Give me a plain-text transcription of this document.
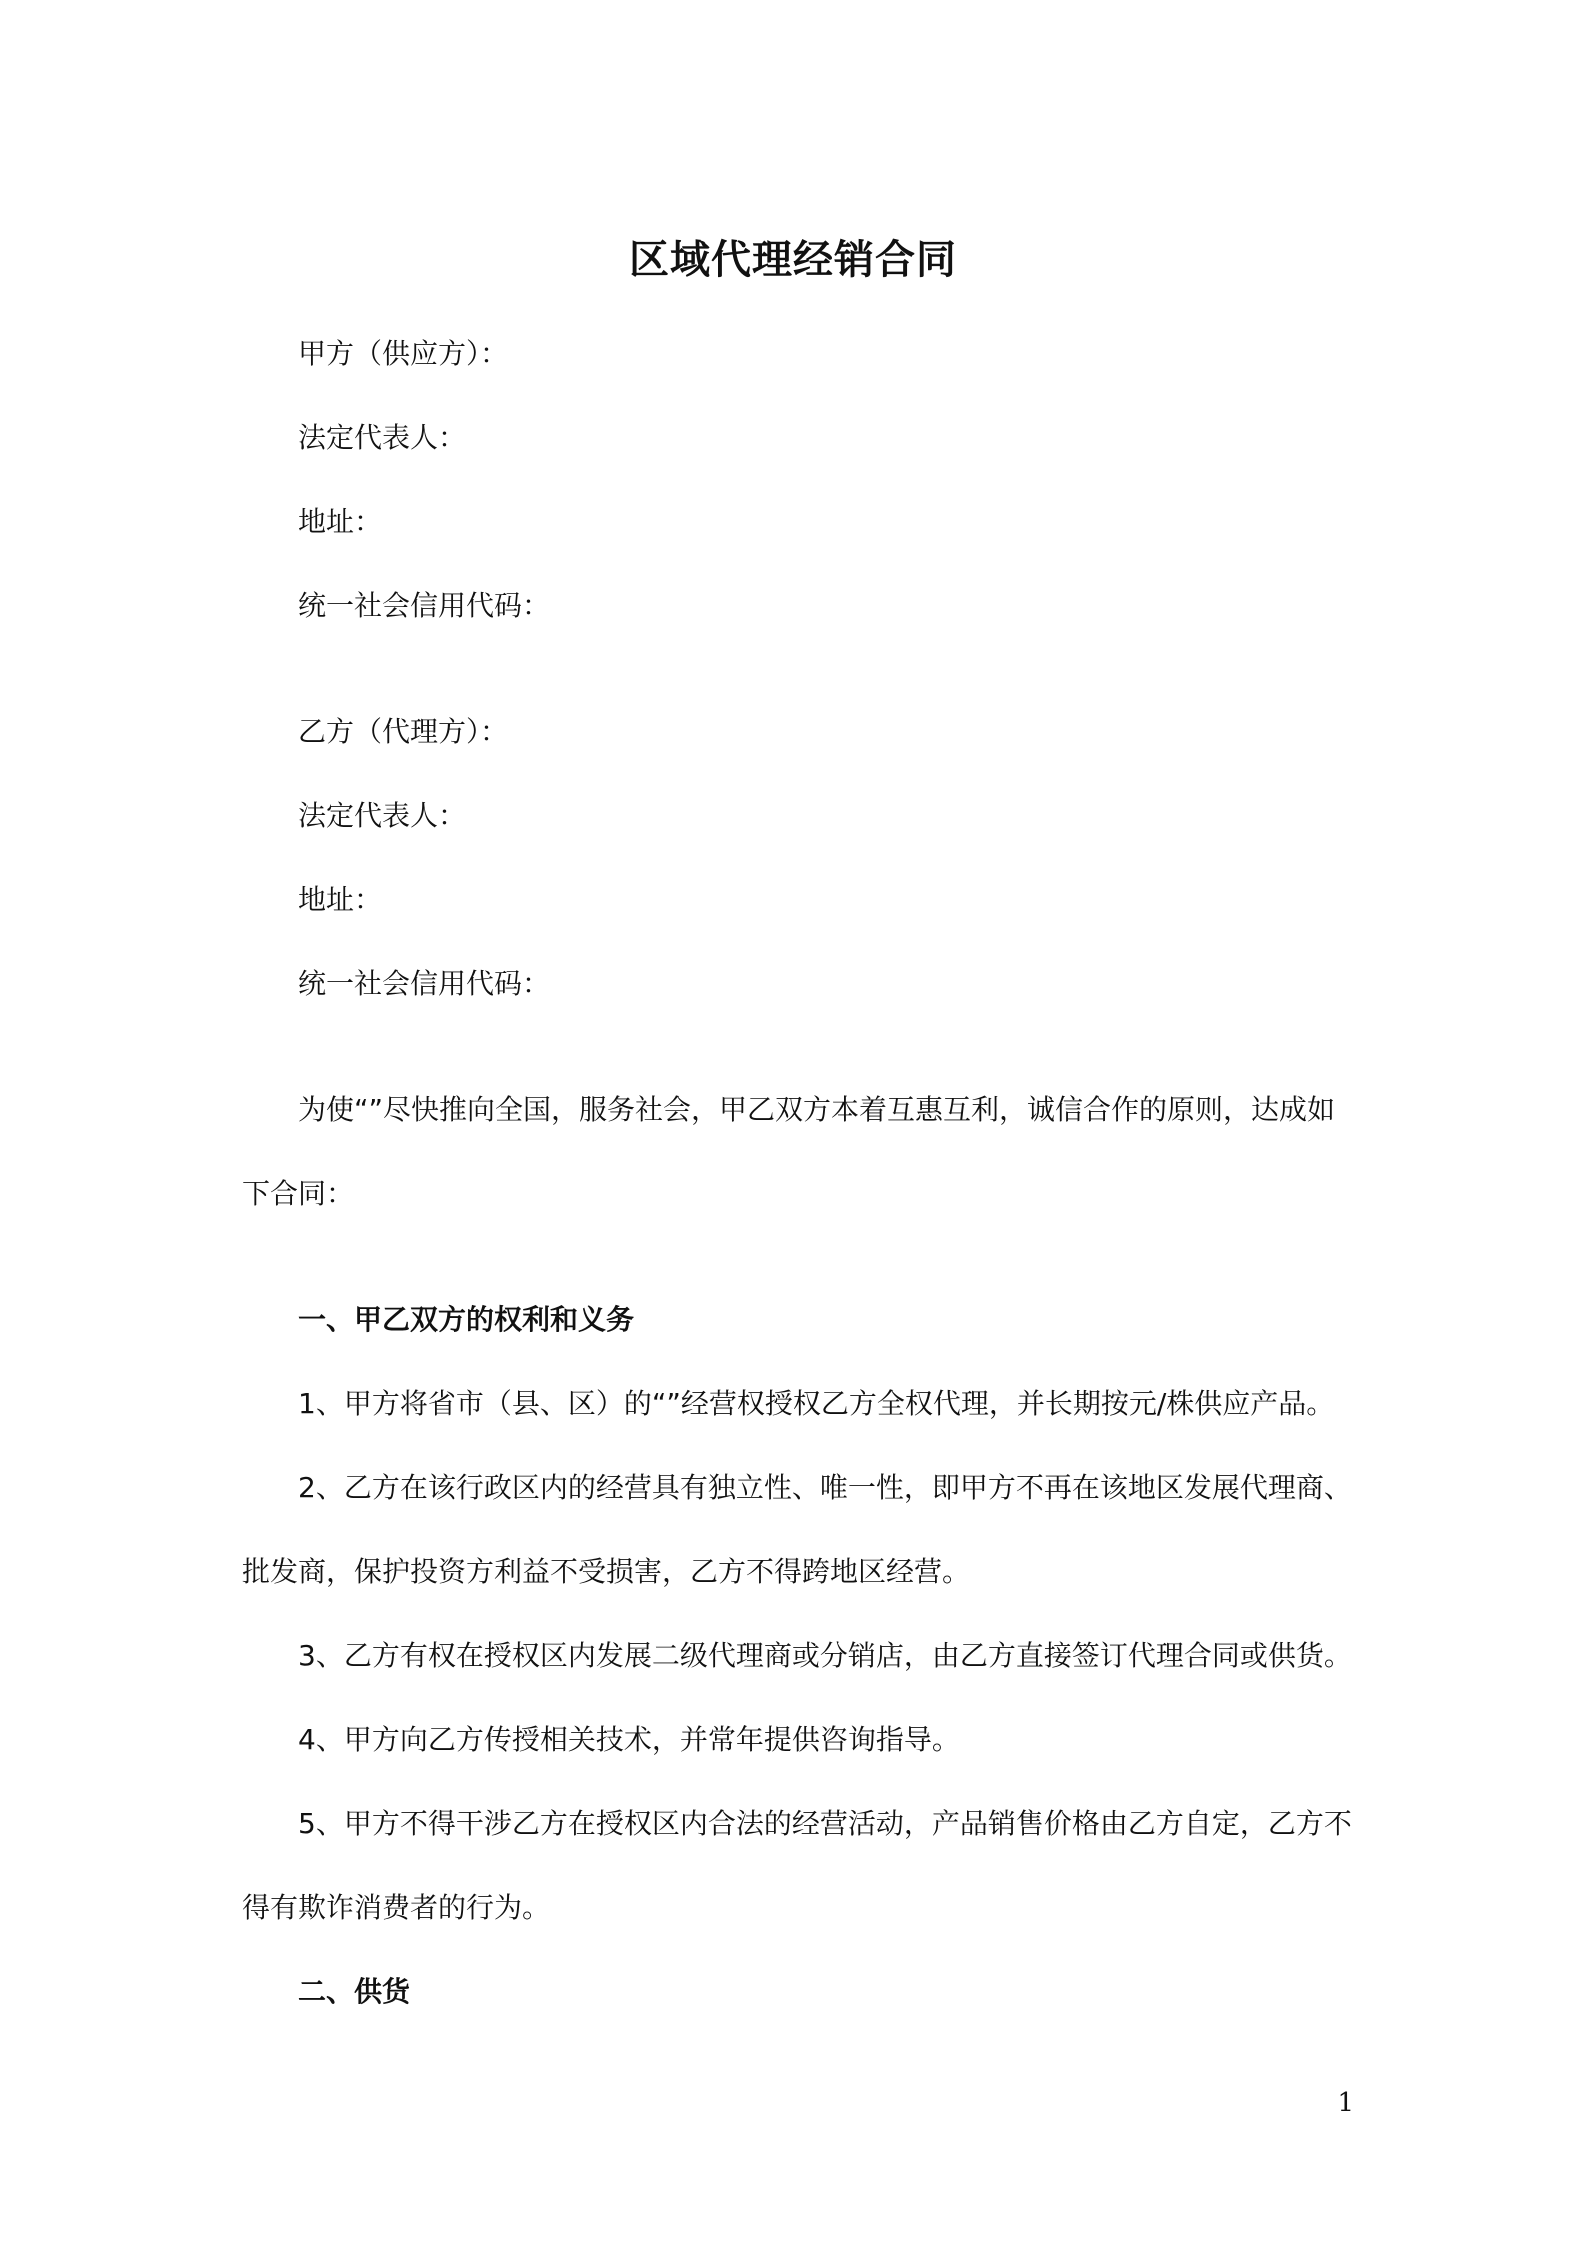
区域代理经销合同
甲方（供应方）：
法定代表人：
地址：
统一社会信用代码：
乙方（代理方）：
法定代表人：
地址：
统一社会信用代码：
为使“”尽快推向全国，服务社会，甲乙双方本着互惠互利，诚信合作的原则，达成如
下合同：
一、甲乙双方的权利和义务
1、甲方将省市（县、区）的“”经营权授权乙方全权代理，并长期按元/株供应产品。
2、乙方在该行政区内的经营具有独立性、唯一性，即甲方不再在该地区发展代理商、
批发商，保护投资方利益不受损害，乙方不得跨地区经营。
3、乙方有权在授权区内发展二级代理商或分销店，由乙方直接签订代理合同或供货。
4、甲方向乙方传授相关技术，并常年提供咨询指导。
5、甲方不得干涉乙方在授权区内合法的经营活动，产品销售价格由乙方自定，乙方不
得有欺诈消费者的行为。
二、供货
1
